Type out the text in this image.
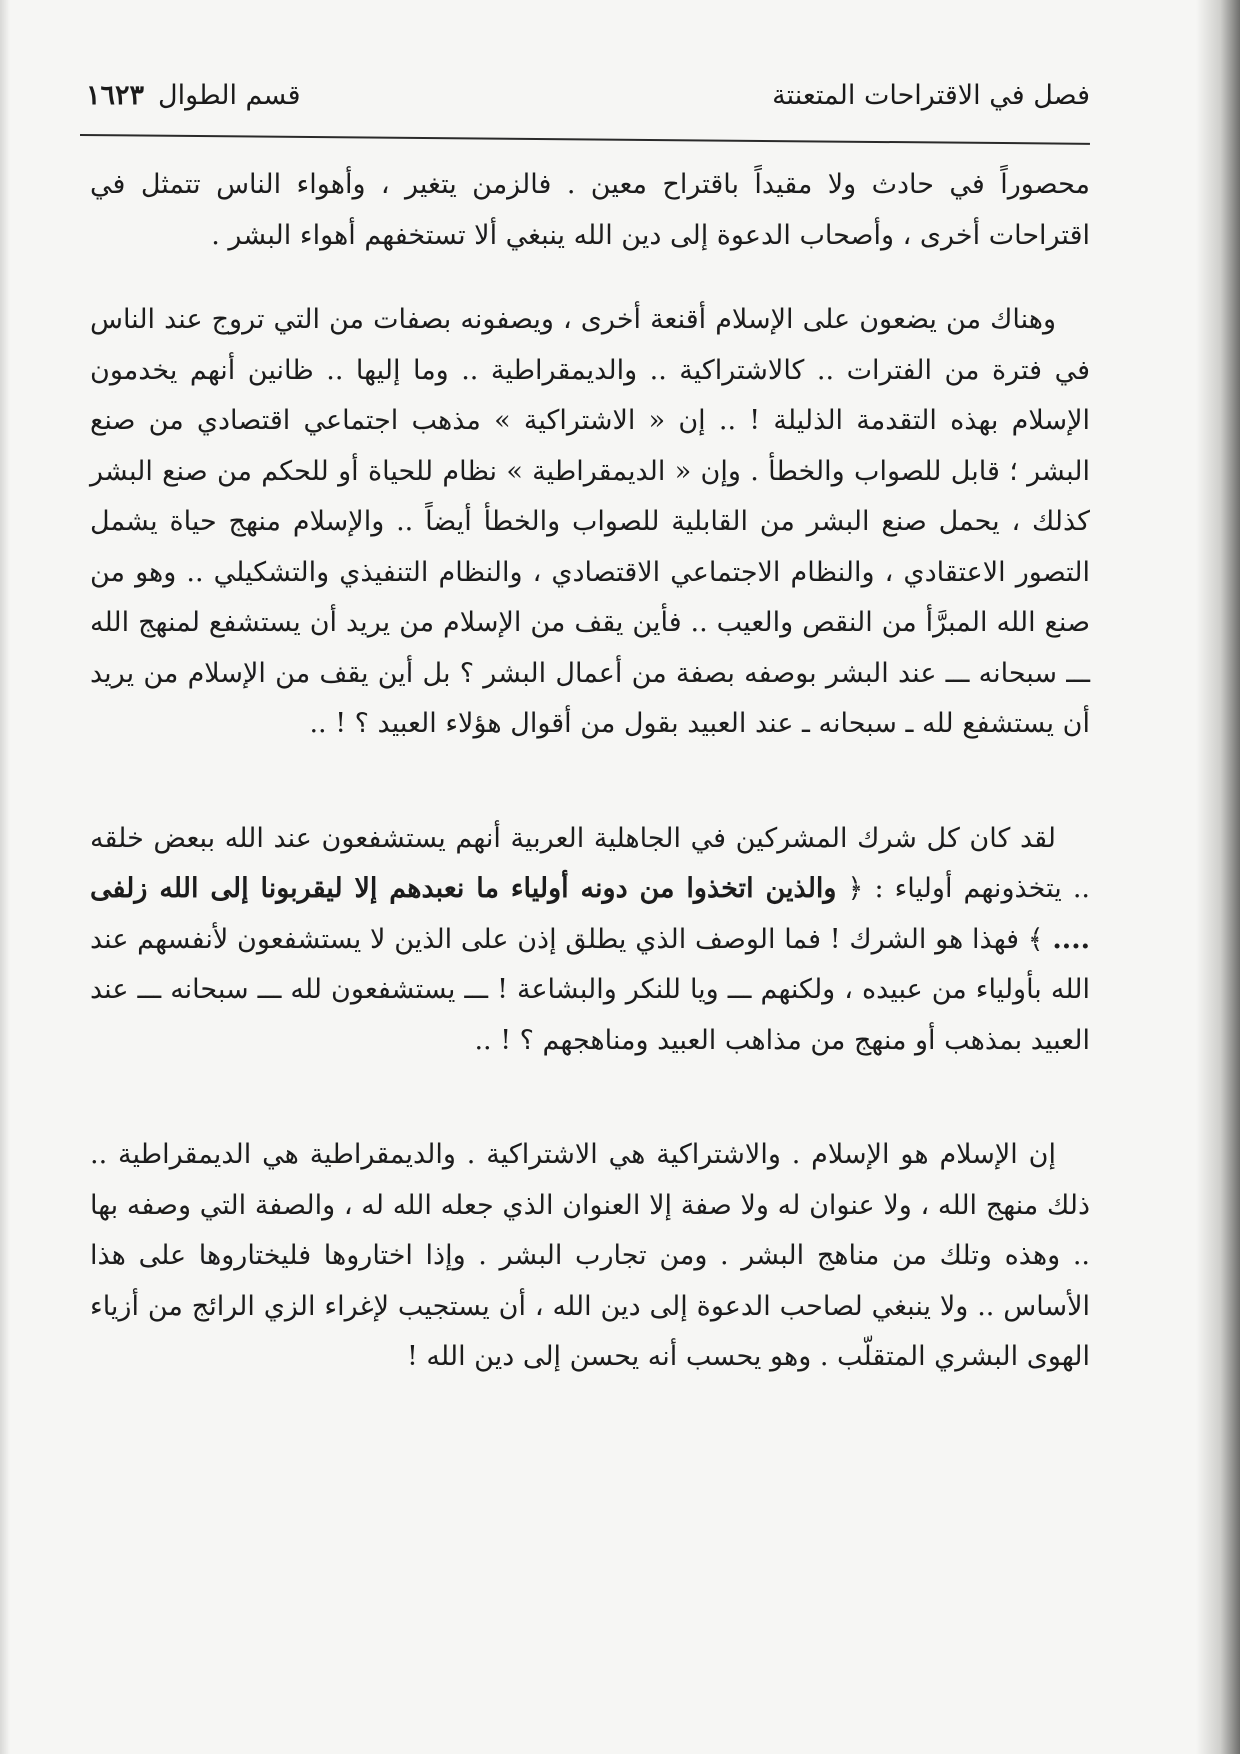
فصل في الاقتراحات المتعنتة
قسم الطوال١٦٢٣

محصوراً في حادث ولا مقيداً باقتراح معين . فالزمن يتغير ، وأهواء الناس تتمثل في اقتراحات أخرى ، وأصحاب الدعوة إلى دين الله ينبغي ألا تستخفهم أهواء البشر .

وهناك من يضعون على الإسلام أقنعة أخرى ، ويصفونه بصفات من التي تروج عند الناس في فترة من الفترات .. كالاشتراكية .. والديمقراطية .. وما إليها .. ظانين أنهم يخدمون الإسلام بهذه التقدمة الذليلة ! .. إن « الاشتراكية » مذهب اجتماعي اقتصادي من صنع البشر ؛ قابل للصواب والخطأ . وإن « الديمقراطية » نظام للحياة أو للحكم من صنع البشر كذلك ، يحمل صنع البشر من القابلية للصواب والخطأ أيضاً .. والإسلام منهج حياة يشمل التصور الاعتقادي ، والنظام الاجتماعي الاقتصادي ، والنظام التنفيذي والتشكيلي .. وهو من صنع الله المبرَّأ من النقص والعيب .. فأين يقف من الإسلام من يريد أن يستشفع لمنهج الله ـــ سبحانه ـــ عند البشر بوصفه بصفة من أعمال البشر ؟ بل أين يقف من الإسلام من يريد أن يستشفع لله ـ سبحانه ـ عند العبيد بقول من أقوال هؤلاء العبيد ؟ ! ..

لقد كان كل شرك المشركين في الجاهلية العربية أنهم يستشفعون عند الله ببعض خلقه .. يتخذونهم أولياء : ﴿ والذين اتخذوا من دونه أولياء ما نعبدهم إلا ليقربونا إلى الله زلفى .... ﴾ فهذا هو الشرك ! فما الوصف الذي يطلق إذن على الذين لا يستشفعون لأنفسهم عند الله بأولياء من عبيده ، ولكنهم ـــ ويا للنكر والبشاعة ! ـــ يستشفعون لله ـــ سبحانه ـــ عند العبيد بمذهب أو منهج من مذاهب العبيد ومناهجهم ؟ ! ..

إن الإسلام هو الإسلام . والاشتراكية هي الاشتراكية . والديمقراطية هي الديمقراطية .. ذلك منهج الله ، ولا عنوان له ولا صفة إلا العنوان الذي جعله الله له ، والصفة التي وصفه بها .. وهذه وتلك من مناهج البشر . ومن تجارب البشر . وإذا اختاروها فليختاروها على هذا الأساس .. ولا ينبغي لصاحب الدعوة إلى دين الله ، أن يستجيب لإغراء الزي الرائج من أزياء الهوى البشري المتقلّب . وهو يحسب أنه يحسن إلى دين الله !
